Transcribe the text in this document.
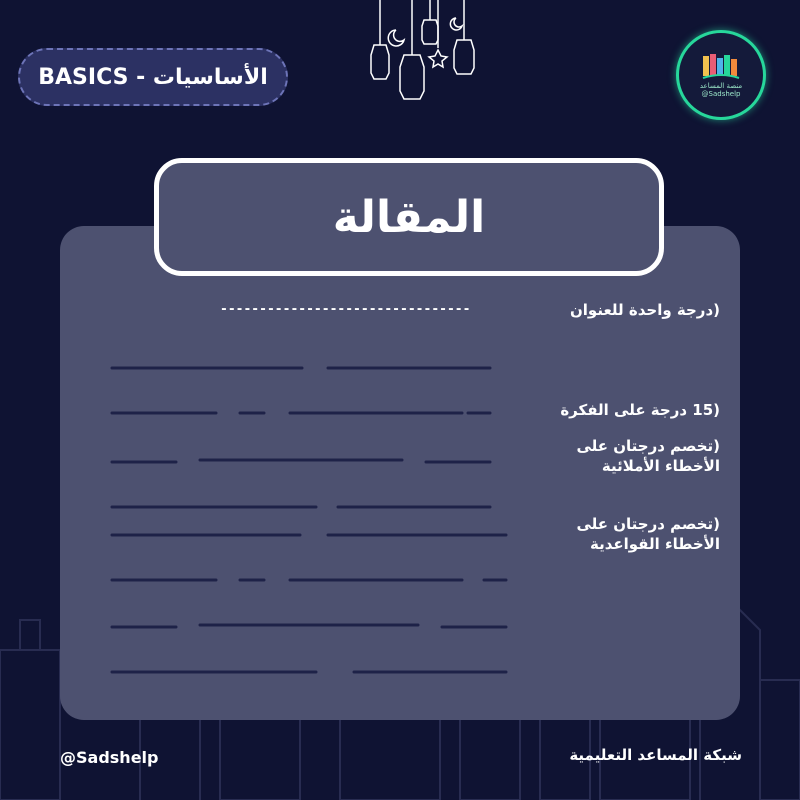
الأساسيات - BASICS	منصة المساعد
@Sadshelp
المقالة
--------------------------------	(درجة واحدة للعنوان
(15 درجة على الفكرة
(تخصم درجتان على
الأخطاء الأملائية
(تخصم درجتان على
الأخطاء القواعدية
@Sadshelp	شبكة المساعد التعليمية
